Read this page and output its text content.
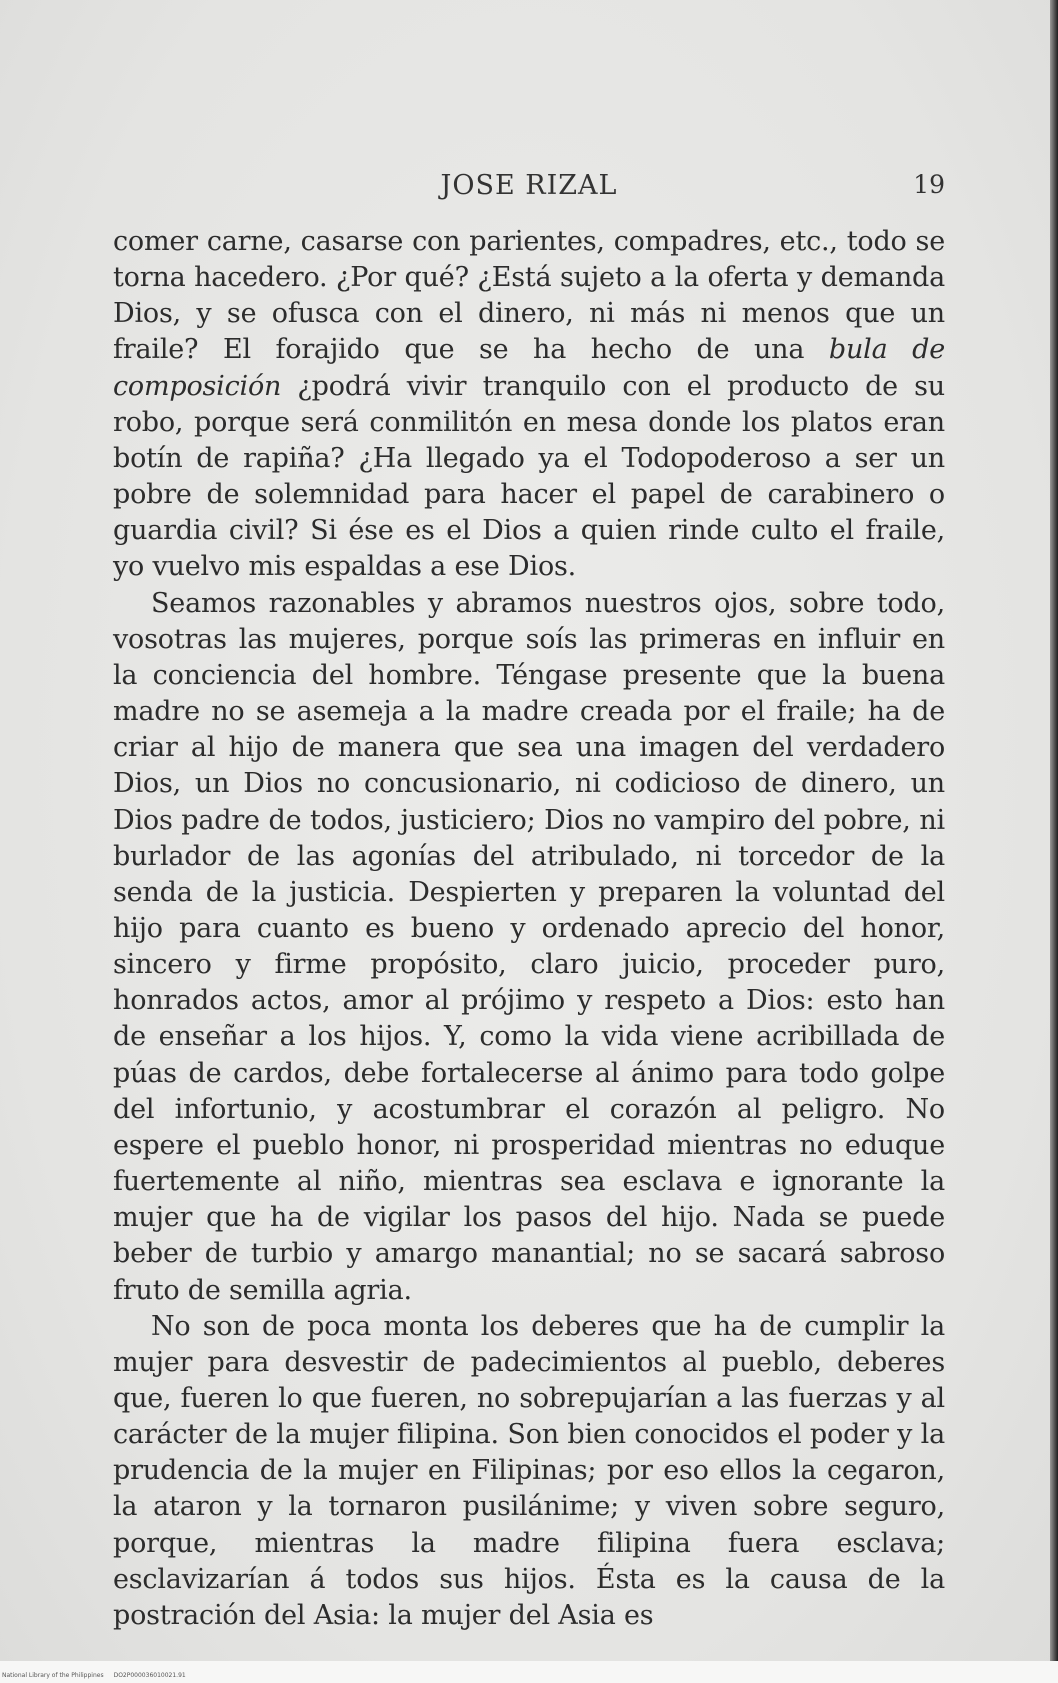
JOSE RIZAL	19

comer carne, casarse con parientes, compadres, etc., todo se torna hacedero. ¿Por qué? ¿Está sujeto a la oferta y demanda Dios, y se ofusca con el dinero, ni más ni menos que un fraile? El forajido que se ha hecho de una bula de composición ¿podrá vivir tranquilo con el producto de su robo, porque será conmilitón en mesa donde los platos eran botín de rapiña? ¿Ha llegado ya el Todopoderoso a ser un pobre de solemnidad para hacer el papel de carabinero o guardia civil? Si ése es el Dios a quien rinde culto el fraile, yo vuelvo mis espaldas a ese Dios.

Seamos razonables y abramos nuestros ojos, sobre todo, vosotras las mujeres, porque soís las primeras en influir en la conciencia del hombre. Téngase presente que la buena madre no se asemeja a la madre creada por el fraile; ha de criar al hijo de manera que sea una imagen del verdadero Dios, un Dios no concusionario, ni codicioso de dinero, un Dios padre de todos, justiciero; Dios no vampiro del pobre, ni burlador de las agonías del atribulado, ni torcedor de la senda de la justicia. Despierten y preparen la voluntad del hijo para cuanto es bueno y ordenado aprecio del honor, sincero y firme propósito, claro juicio, proceder puro, honrados actos, amor al prójimo y respeto a Dios: esto han de enseñar a los hijos. Y, como la vida viene acribillada de púas de cardos, debe fortalecerse al ánimo para todo golpe del infortunio, y acostumbrar el corazón al peligro. No espere el pueblo honor, ni prosperidad mientras no eduque fuertemente al niño, mientras sea esclava e ignorante la mujer que ha de vigilar los pasos del hijo. Nada se puede beber de turbio y amargo manantial; no se sacará sabroso fruto de semilla agria.

No son de poca monta los deberes que ha de cumplir la mujer para desvestir de padecimientos al pueblo, deberes que, fueren lo que fueren, no sobrepujarían a las fuerzas y al carácter de la mujer filipina. Son bien conocidos el poder y la prudencia de la mujer en Filipinas; por eso ellos la cegaron, la ataron y la tornaron pusilánime; y viven sobre seguro, porque, mientras la madre filipina fuera esclava; esclavizarían á todos sus hijos. Ésta es la causa de la postración del Asia: la mujer del Asia es

National Library of the Philippines DO2P000036010021.91
